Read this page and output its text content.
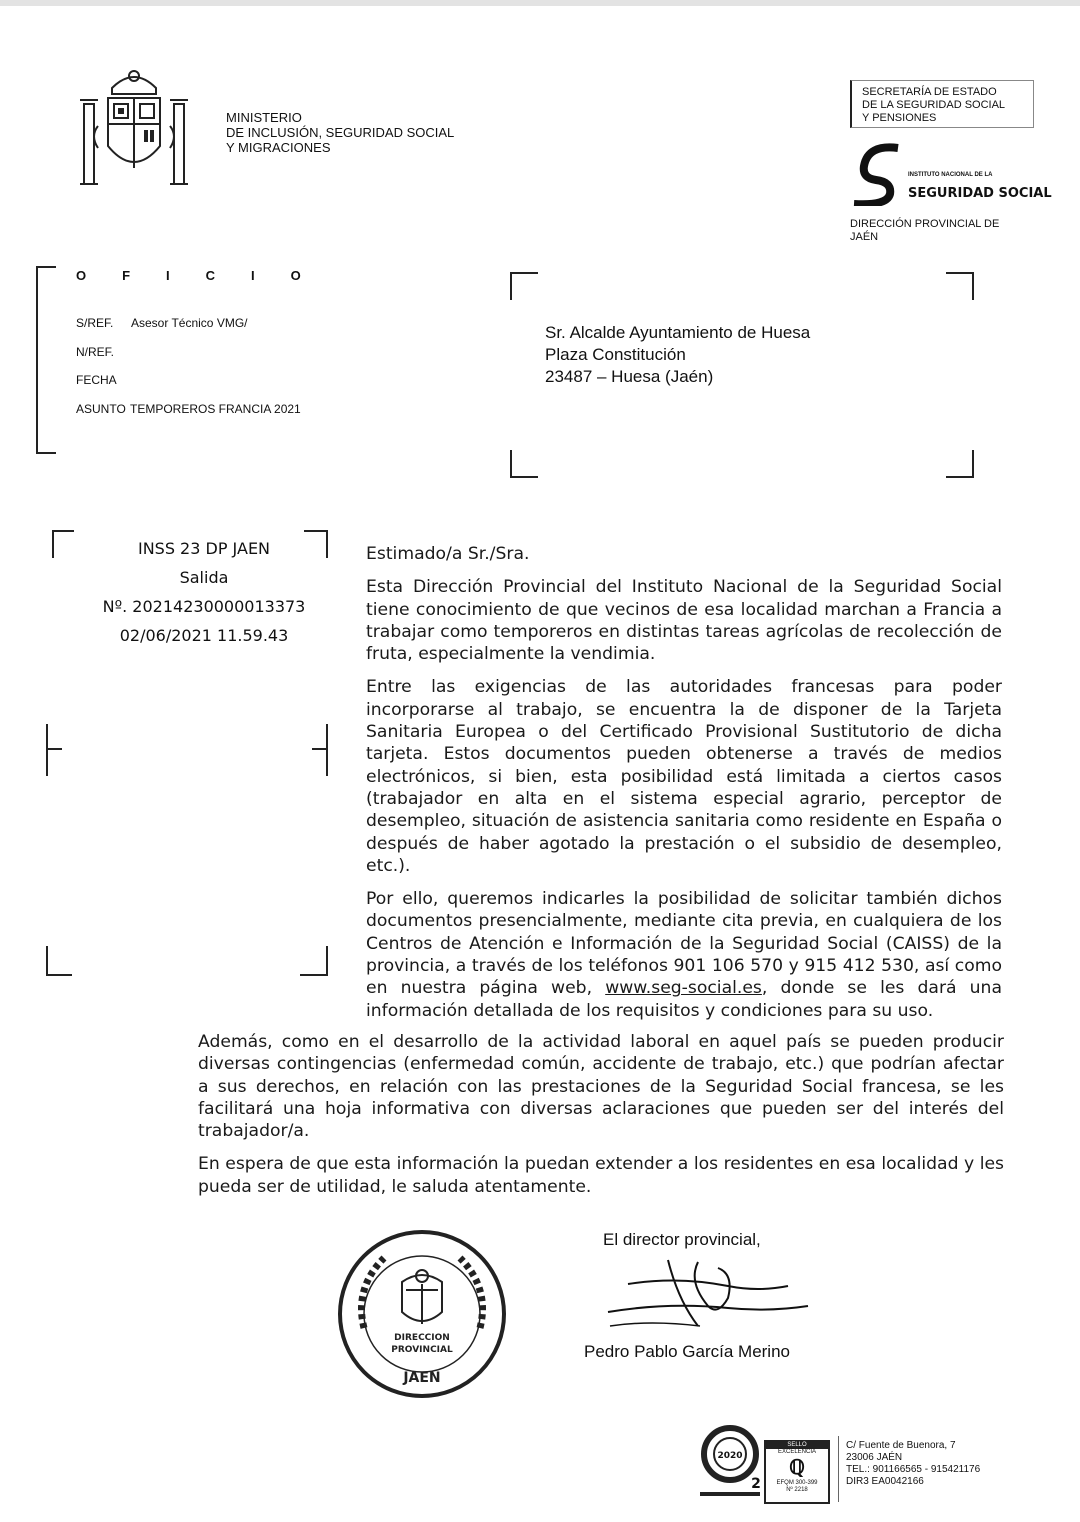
MINISTERIO
DE INCLUSIÓN, SEGURIDAD SOCIAL
Y MIGRACIONES
SECRETARÍA DE ESTADO
DE LA SEGURIDAD SOCIAL
Y PENSIONES
INSTITUTO NACIONAL DE LA
SEGURIDAD SOCIAL
DIRECCIÓN PROVINCIAL DE
JAÉN
OFICIO
S/REF. Asesor Técnico VMG/
N/REF.
FECHA
ASUNTO TEMPOREROS FRANCIA 2021
Sr. Alcalde Ayuntamiento de Huesa
Plaza Constitución
23487 – Huesa (Jaén)
INSS 23 DP JAEN
Salida
Nº. 20214230000013373
02/06/2021 11.59.43

Estimado/a Sr./Sra.

Esta Dirección Provincial del Instituto Nacional de la Seguridad Social tiene conocimiento de que vecinos de esa localidad marchan a Francia a trabajar como temporeros en distintas tareas agrícolas de recolección de fruta, especialmente la vendimia.

Entre las exigencias de las autoridades francesas para poder incorporarse al trabajo, se encuentra la de disponer de la Tarjeta Sanitaria Europea o del Certificado Provisional Sustitutorio de dicha tarjeta. Estos documentos pueden obtenerse a través de medios electrónicos, si bien, esta posibilidad está limitada a ciertos casos (trabajador en alta en el sistema especial agrario, perceptor de desempleo, situación de asistencia sanitaria como residente en España o después de haber agotado la prestación o el subsidio de desempleo, etc.).

Por ello, queremos indicarles la posibilidad de solicitar también dichos documentos presencialmente, mediante cita previa, en cualquiera de los Centros de Atención e Información de la Seguridad Social (CAISS) de la provincia, a través de los teléfonos 901 106 570 y 915 412 530, así como en nuestra página web, www.seg-social.es, donde se les dará una información detallada de los requisitos y condiciones para su uso.

Además, como en el desarrollo de la actividad laboral en aquel país se pueden producir diversas contingencias (enfermedad común, accidente de trabajo, etc.) que podrían afectar a sus derechos, en relación con las prestaciones de la Seguridad Social francesa, se les facilitará una hoja informativa con diversas aclaraciones que pueden ser del interés del trabajador/a.

En espera de que esta información la puedan extender a los residentes en esa localidad y les pueda ser de utilidad, le saluda atentamente.

DIRECCION
PROVINCIAL
JAEN
El director provincial,
Pedro Pablo García Merino
2020
2
SELLO
EXCELENCIA
ℚ
EFQM 300-399
Nº 2218
C/ Fuente de Buenora, 7
23006 JAÉN
TEL.: 901166565 - 915421176
DIR3 EA0042166
